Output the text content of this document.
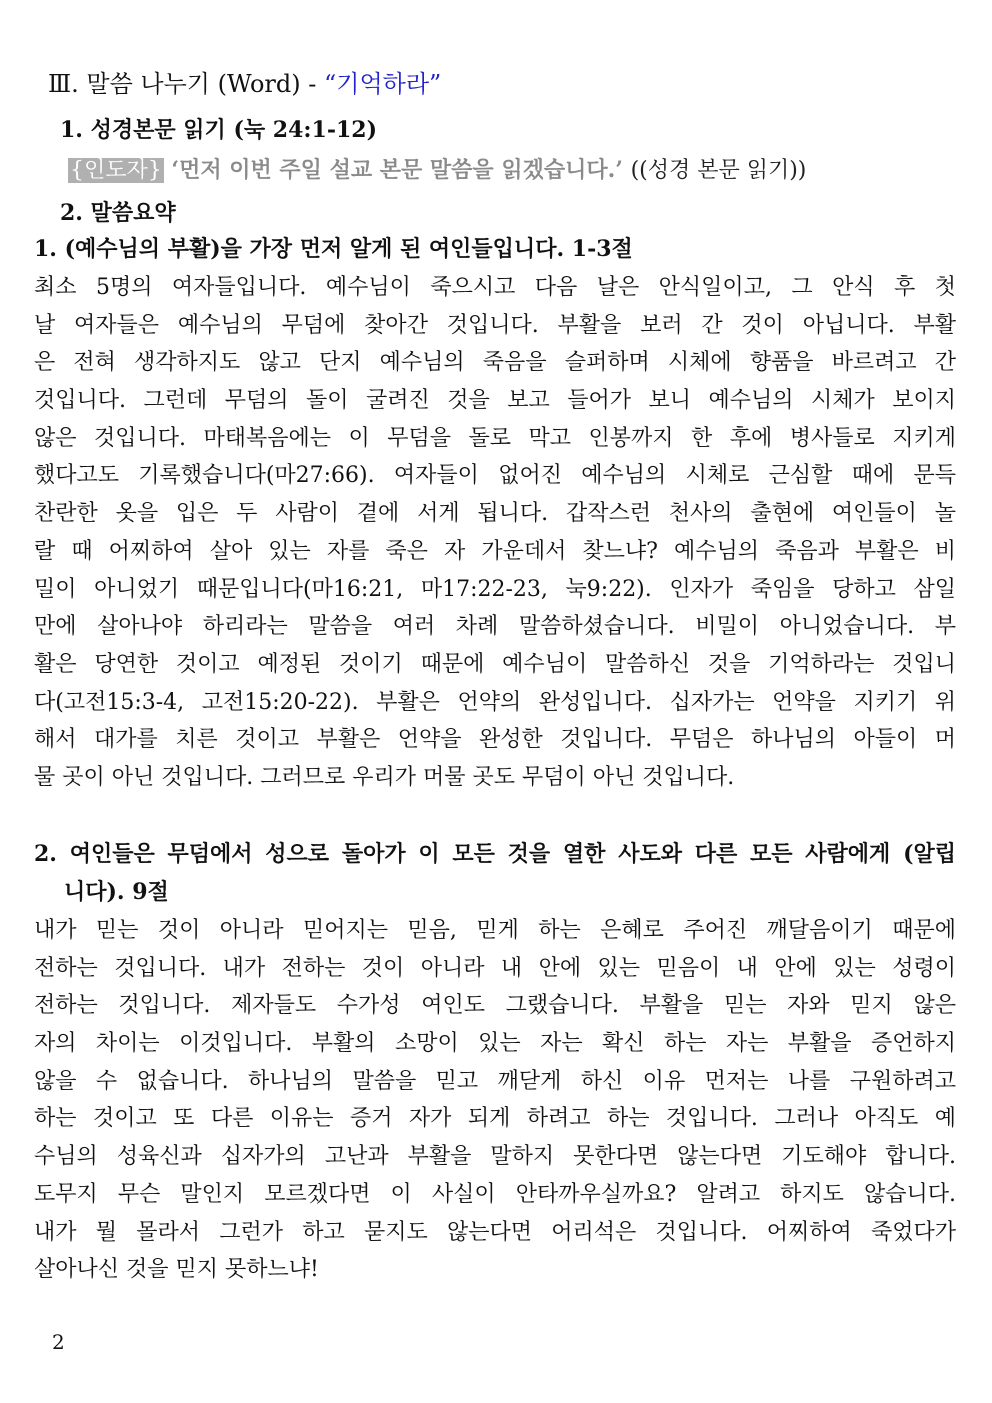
Ⅲ. 말씀 나누기 (Word) - “기억하라”
1. 성경본문 읽기 (눅 24:1-12)
{인도자} ‘먼저 이번 주일 설교 본문 말씀을 읽겠습니다.’ ((성경 본문 읽기))
2. 말씀요약
1. (예수님의 부활)을 가장 먼저 알게 된 여인들입니다. 1-3절
최소 5명의 여자들입니다. 예수님이 죽으시고 다음 날은 안식일이고, 그 안식 후 첫
날 여자들은 예수님의 무덤에 찾아간 것입니다. 부활을 보러 간 것이 아닙니다. 부활
은 전혀 생각하지도 않고 단지 예수님의 죽음을 슬퍼하며 시체에 향품을 바르려고 간
것입니다. 그런데 무덤의 돌이 굴려진 것을 보고 들어가 보니 예수님의 시체가 보이지
않은 것입니다. 마태복음에는 이 무덤을 돌로 막고 인봉까지 한 후에 병사들로 지키게
했다고도 기록했습니다(마27:66). 여자들이 없어진 예수님의 시체로 근심할 때에 문득
찬란한 옷을 입은 두 사람이 곁에 서게 됩니다. 갑작스런 천사의 출현에 여인들이 놀
랄 때 어찌하여 살아 있는 자를 죽은 자 가운데서 찾느냐? 예수님의 죽음과 부활은 비
밀이 아니었기 때문입니다(마16:21, 마17:22-23, 눅9:22). 인자가 죽임을 당하고 삼일
만에 살아나야 하리라는 말씀을 여러 차례 말씀하셨습니다. 비밀이 아니었습니다. 부
활은 당연한 것이고 예정된 것이기 때문에 예수님이 말씀하신 것을 기억하라는 것입니
다(고전15:3-4, 고전15:20-22). 부활은 언약의 완성입니다. 십자가는 언약을 지키기 위
해서 대가를 치른 것이고 부활은 언약을 완성한 것입니다. 무덤은 하나님의 아들이 머
물 곳이 아닌 것입니다. 그러므로 우리가 머물 곳도 무덤이 아닌 것입니다.
2. 여인들은 무덤에서 성으로 돌아가 이 모든 것을 열한 사도와 다른 모든 사람에게 (알립
니다). 9절
내가 믿는 것이 아니라 믿어지는 믿음, 믿게 하는 은혜로 주어진 깨달음이기 때문에
전하는 것입니다. 내가 전하는 것이 아니라 내 안에 있는 믿음이 내 안에 있는 성령이
전하는 것입니다. 제자들도 수가성 여인도 그랬습니다. 부활을 믿는 자와 믿지 않은
자의 차이는 이것입니다. 부활의 소망이 있는 자는 확신 하는 자는 부활을 증언하지
않을 수 없습니다. 하나님의 말씀을 믿고 깨닫게 하신 이유 먼저는 나를 구원하려고
하는 것이고 또 다른 이유는 증거 자가 되게 하려고 하는 것입니다. 그러나 아직도 예
수님의 성육신과 십자가의 고난과 부활을 말하지 못한다면 않는다면 기도해야 합니다.
도무지 무슨 말인지 모르겠다면 이 사실이 안타까우실까요? 알려고 하지도 않습니다.
내가 뭘 몰라서 그런가 하고 묻지도 않는다면 어리석은 것입니다. 어찌하여 죽었다가
살아나신 것을 믿지 못하느냐!
2
